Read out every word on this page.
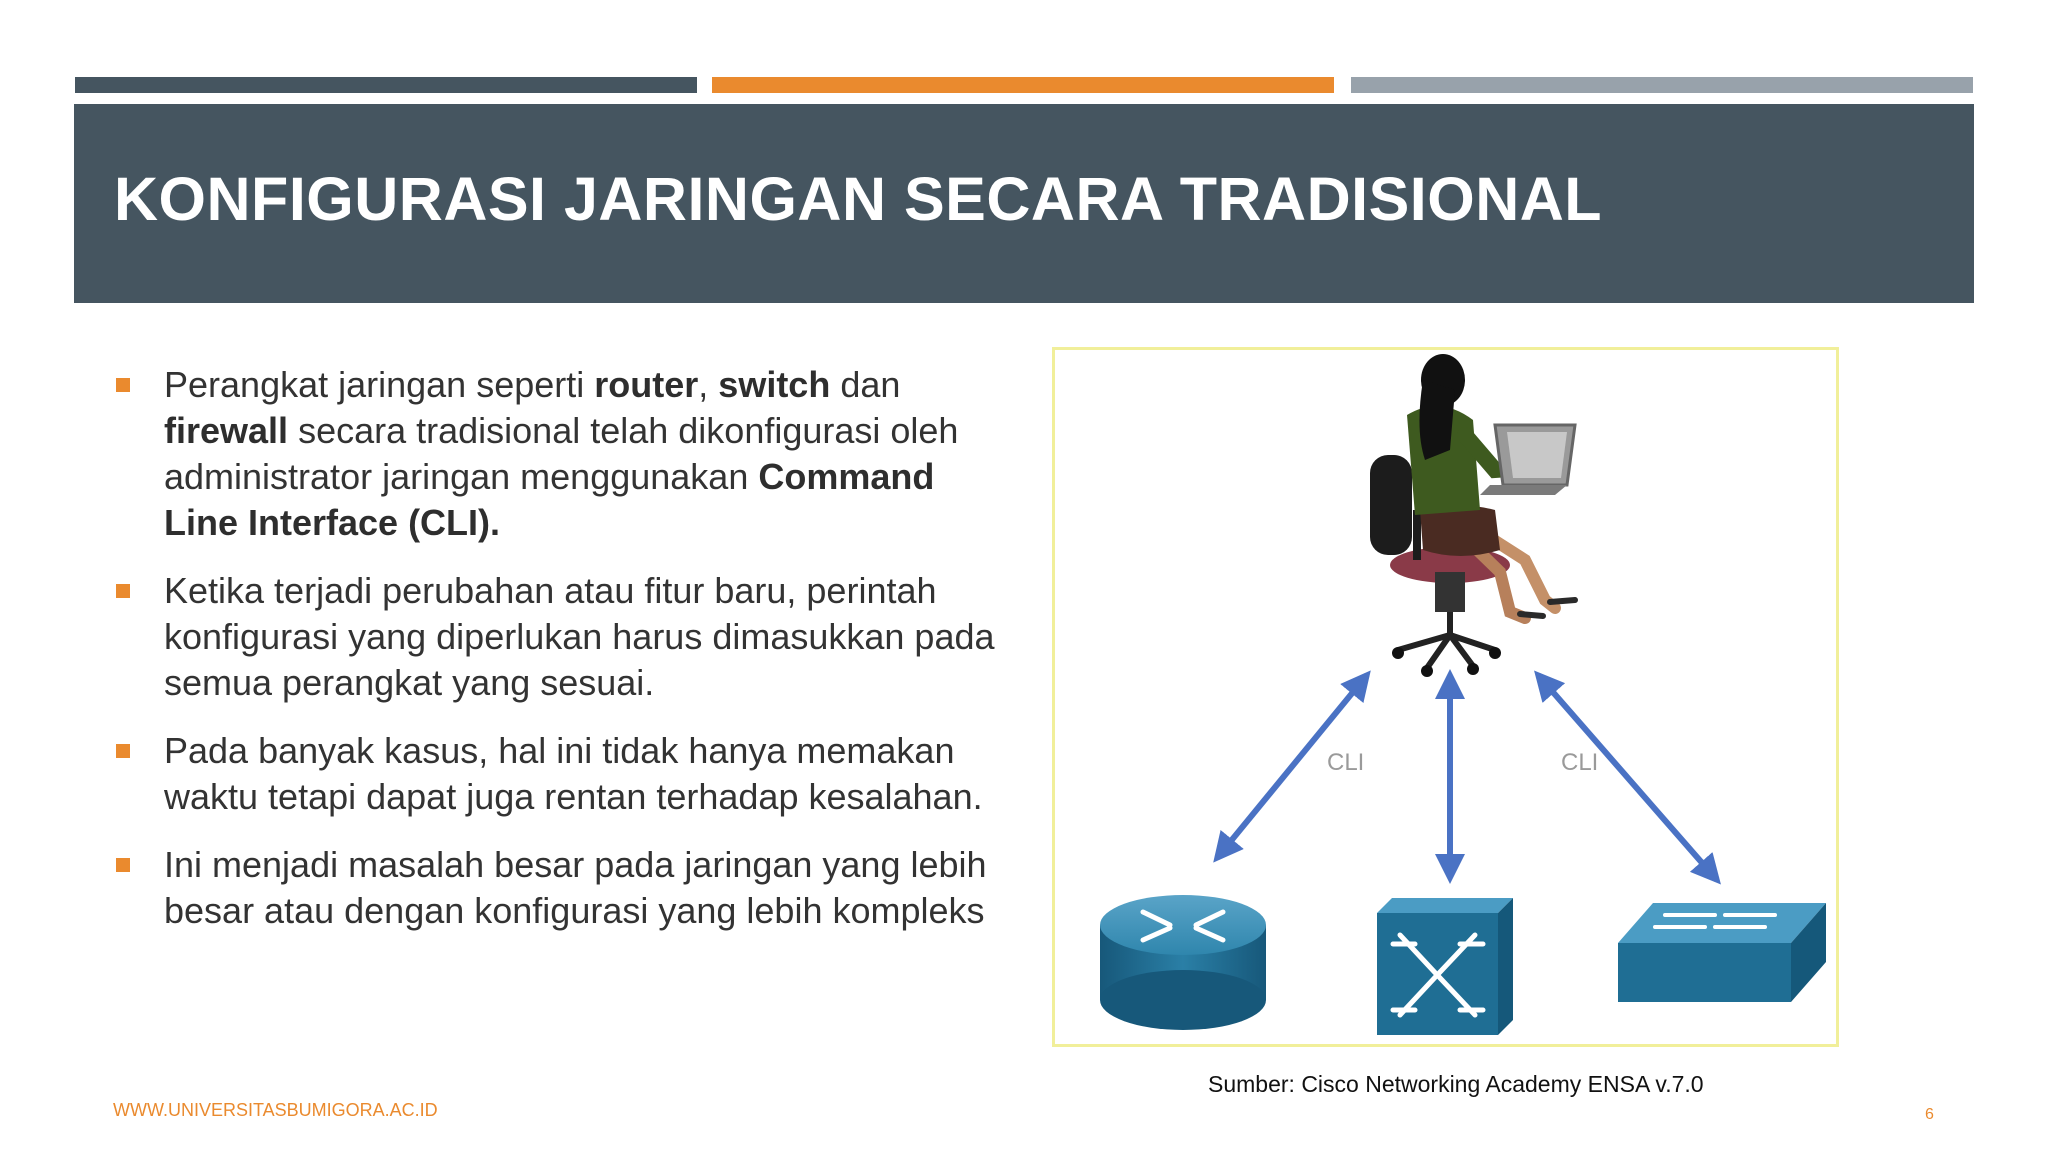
KONFIGURASI JARINGAN SECARA TRADISIONAL
Perangkat jaringan seperti router, switch dan firewall secara tradisional telah dikonfigurasi oleh administrator jaringan menggunakan Command Line Interface (CLI).
Ketika terjadi perubahan atau fitur baru, perintah konfigurasi yang diperlukan harus dimasukkan pada semua perangkat yang sesuai.
Pada banyak kasus, hal ini tidak hanya memakan waktu tetapi dapat juga rentan terhadap kesalahan.
Ini menjadi masalah besar pada jaringan yang lebih besar atau dengan konfigurasi yang lebih kompleks
CLI	CLI
Sumber: Cisco Networking Academy ENSA v.7.0
WWW.UNIVERSITASBUMIGORA.AC.ID	6
